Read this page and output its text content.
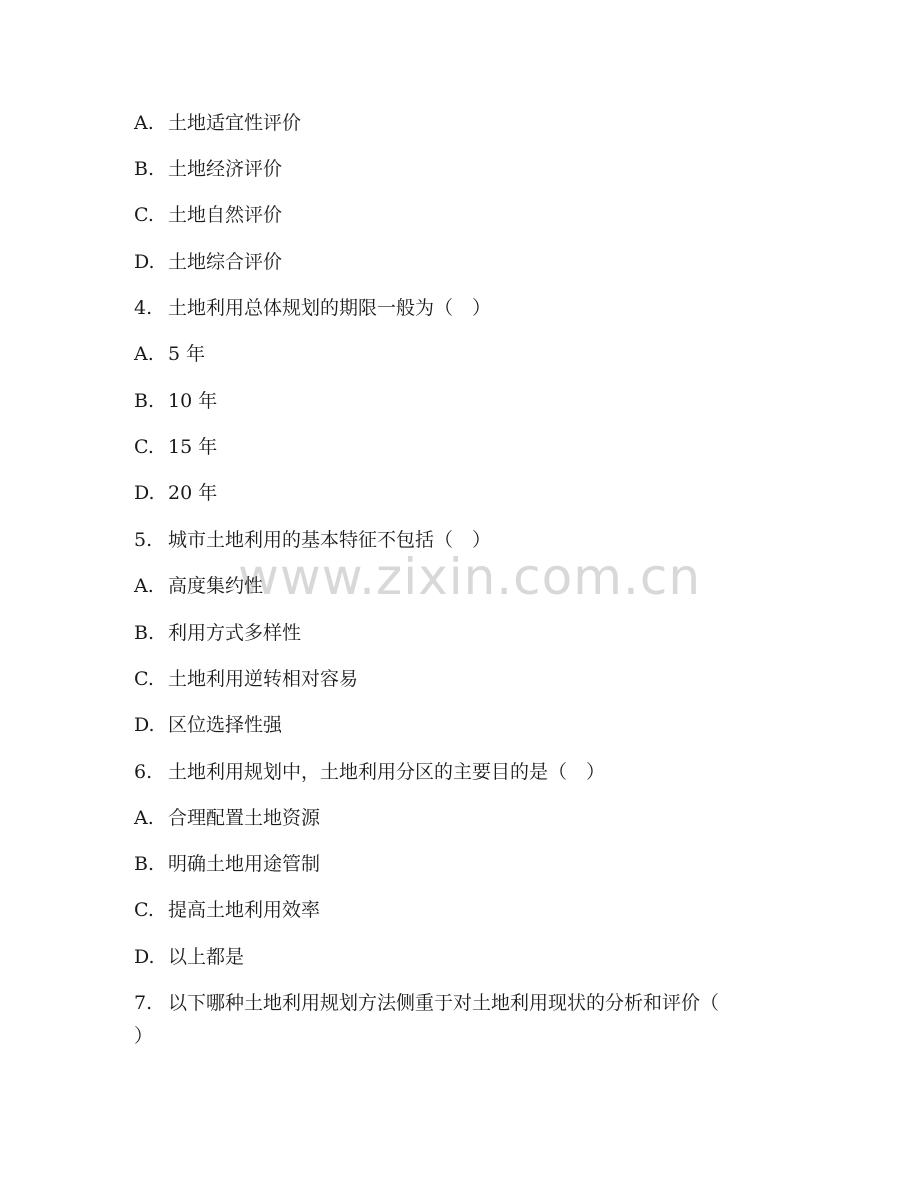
www.zixin.com.cn
A. 土地适宜性评价
B. 土地经济评价
C. 土地自然评价
D. 土地综合评价
4. 土地利用总体规划的期限一般为（　）
A. 5 年
B. 10 年
C. 15 年
D. 20 年
5. 城市土地利用的基本特征不包括（　）
A. 高度集约性
B. 利用方式多样性
C. 土地利用逆转相对容易
D. 区位选择性强
6. 土地利用规划中，土地利用分区的主要目的是（　）
A. 合理配置土地资源
B. 明确土地用途管制
C. 提高土地利用效率
D. 以上都是
7. 以下哪种土地利用规划方法侧重于对土地利用现状的分析和评价（
）
